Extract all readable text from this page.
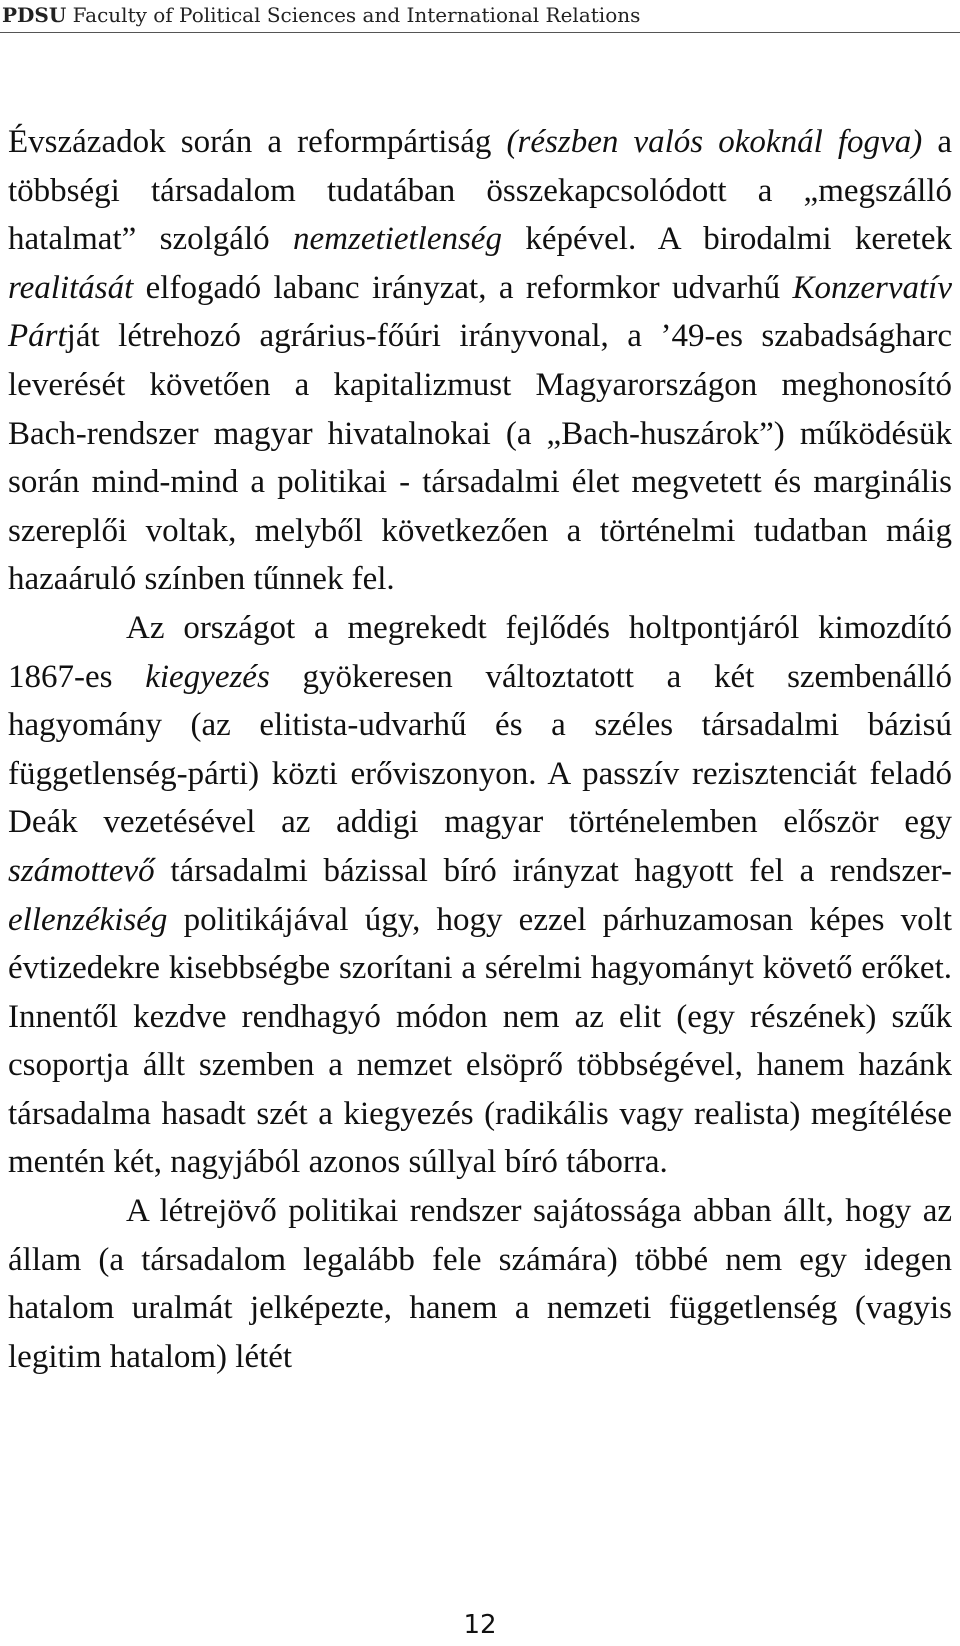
PDSU Faculty of Political Sciences and International Relations

Évszázadok során a reformpártiság (részben valós okoknál fogva) a többségi társadalom tudatában összekapcsolódott a „megszálló hatalmat” szolgáló nemzetietlenség képével. A birodalmi keretek realitását elfogadó labanc irányzat, a reformkor udvarhű Konzervatív Pártját létrehozó agrárius-főúri irányvonal, a ’49-es szabadságharc leverését követően a kapitalizmust Magyarországon meghonosító Bach-rendszer magyar hivatalnokai (a „Bach-huszárok”) működésük során mind-mind a politikai - társadalmi élet megvetett és marginális szereplői voltak, melyből következően a történelmi tudatban máig hazaáruló színben tűnnek fel.

Az országot a megrekedt fejlődés holtpontjáról kimozdító 1867-es kiegyezés gyökeresen változtatott a két szembenálló hagyomány (az elitista-udvarhű és a széles társadalmi bázisú függetlenség-párti) közti erőviszonyon. A passzív rezisztenciát feladó Deák vezetésével az addigi magyar történelemben először egy számottevő társadalmi bázissal bíró irányzat hagyott fel a rendszer-ellenzékiség politikájával úgy, hogy ezzel párhuzamosan képes volt évtizedekre kisebbségbe szorítani a sérelmi hagyományt követő erőket. Innentől kezdve rendhagyó módon nem az elit (egy részének) szűk csoportja állt szemben a nemzet elsöprő többségével, hanem hazánk társadalma hasadt szét a kiegyezés (radikális vagy realista) megítélése mentén két, nagyjából azonos súllyal bíró táborra.

A létrejövő politikai rendszer sajátossága abban állt, hogy az állam (a társadalom legalább fele számára) többé nem egy idegen hatalom uralmát jelképezte, hanem a nemzeti függetlenség (vagyis legitim hatalom) létét

12
